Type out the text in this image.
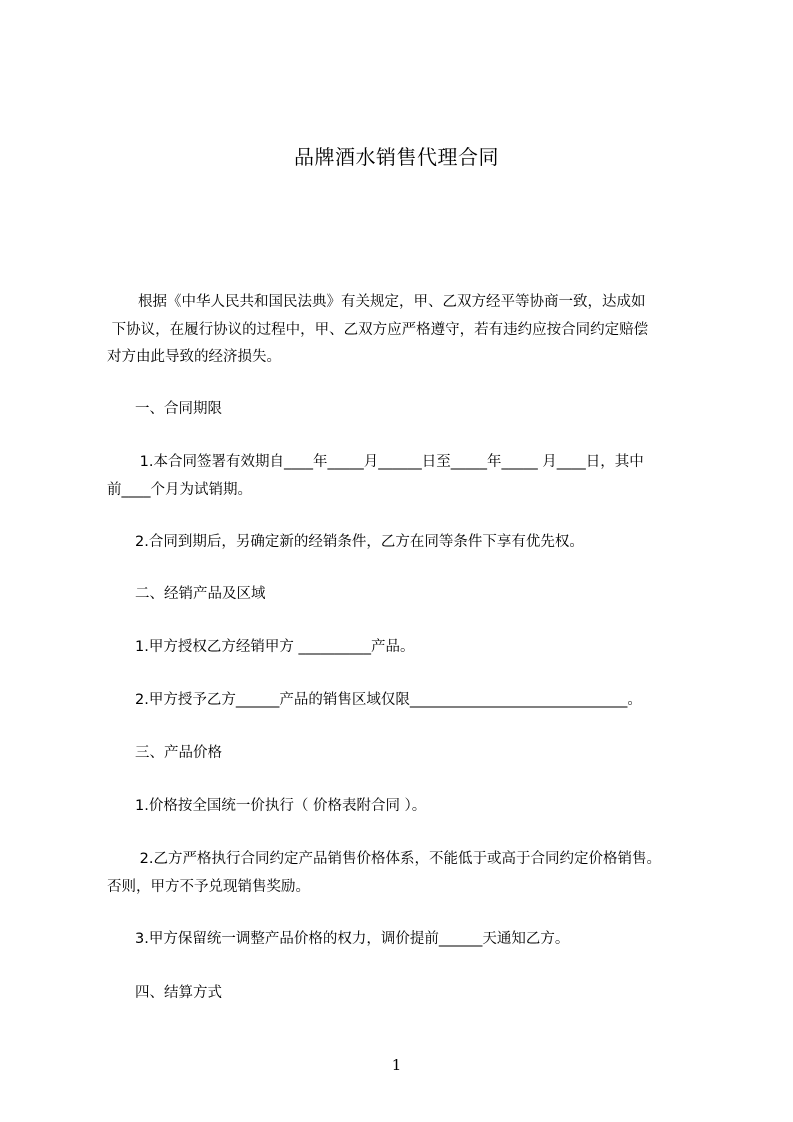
品牌酒水销售代理合同
根据《中华人民共和国民法典》有关规定，甲、乙双方经平等协商一致，达成如
下协议，在履行协议的过程中，甲、乙双方应严格遵守，若有违约应按合同约定赔偿
对方由此导致的经济损失。
一、合同期限
1.本合同签署有效期自____年_____月______日至_____年_____ 月____日，其中
前____个月为试销期。
2.合同到期后，另确定新的经销条件，乙方在同等条件下享有优先权。
二、经销产品及区域
1.甲方授权乙方经销甲方 __________产品。
2.甲方授予乙方______产品的销售区域仅限______________________________。
三、产品价格
1.价格按全国统一价执行（ 价格表附合同 ）。
2.乙方严格执行合同约定产品销售价格体系，不能低于或高于合同约定价格销售。
否则，甲方不予兑现销售奖励。
3.甲方保留统一调整产品价格的权力，调价提前______天通知乙方。
四、结算方式
1
